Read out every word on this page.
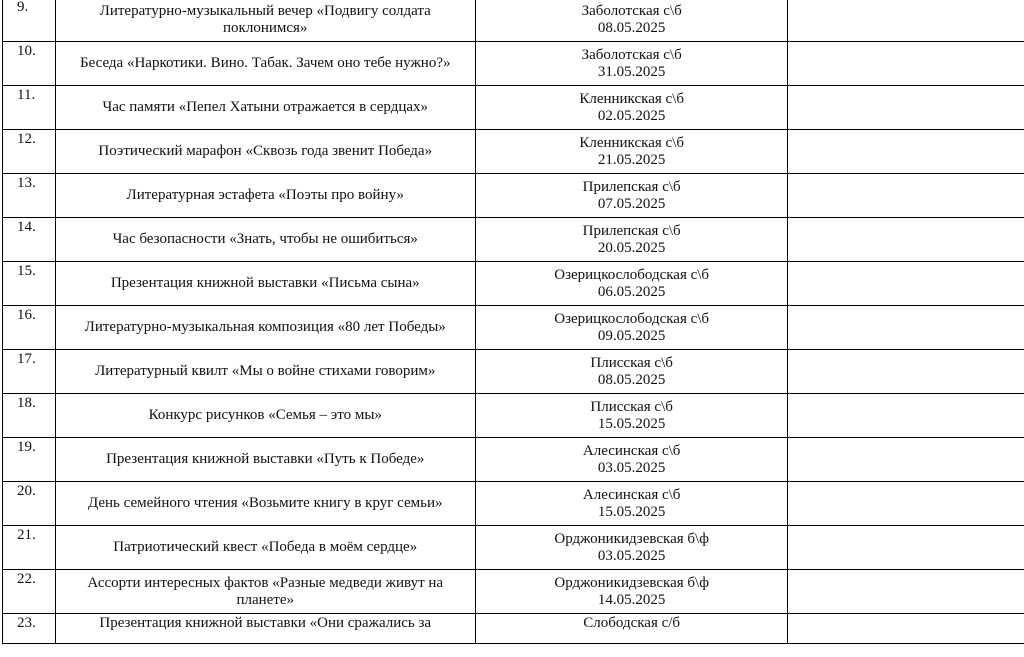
9.	Литературно-музыкальный вечер «Подвигу солдата поклонимся»	Заболотская с\б
08.05.2025	

10.	Беседа «Наркотики. Вино. Табак. Зачем оно тебе нужно?»	Заболотская с\б
31.05.2025	

11.	Час памяти «Пепел Хатыни отражается в сердцах»	Кленникская с\б
02.05.2025	

12.	Поэтический марафон «Сквозь года звенит Победа»	Кленникская с\б
21.05.2025	

13.	Литературная эстафета «Поэты про войну»	Прилепская с\б
07.05.2025	

14.	Час безопасности «Знать, чтобы не ошибиться»	Прилепская с\б
20.05.2025	

15.	Презентация книжной выставки «Письма сына»	Озерицкослободская с\б
06.05.2025	

16.	Литературно-музыкальная композиция «80 лет Победы»	Озерицкослободская с\б
09.05.2025	

17.	Литературный квилт «Мы о войне стихами говорим»	Плисская с\б
08.05.2025	

18.	Конкурс рисунков «Семья – это мы»	Плисская с\б
15.05.2025	

19.	Презентация книжной выставки «Путь к Победе»	Алесинская с\б
03.05.2025	

20.	День семейного чтения «Возьмите книгу в круг семьи»	Алесинская с\б
15.05.2025	

21.	Патриотический квест «Победа в моём сердце»	Орджоникидзевская б\ф
03.05.2025	

22.	Ассорти интересных фактов «Разные медведи живут на планете»	Орджоникидзевская б\ф
14.05.2025	

23.	Презентация книжной выставки «Они сражались за	Слободская с/б	
